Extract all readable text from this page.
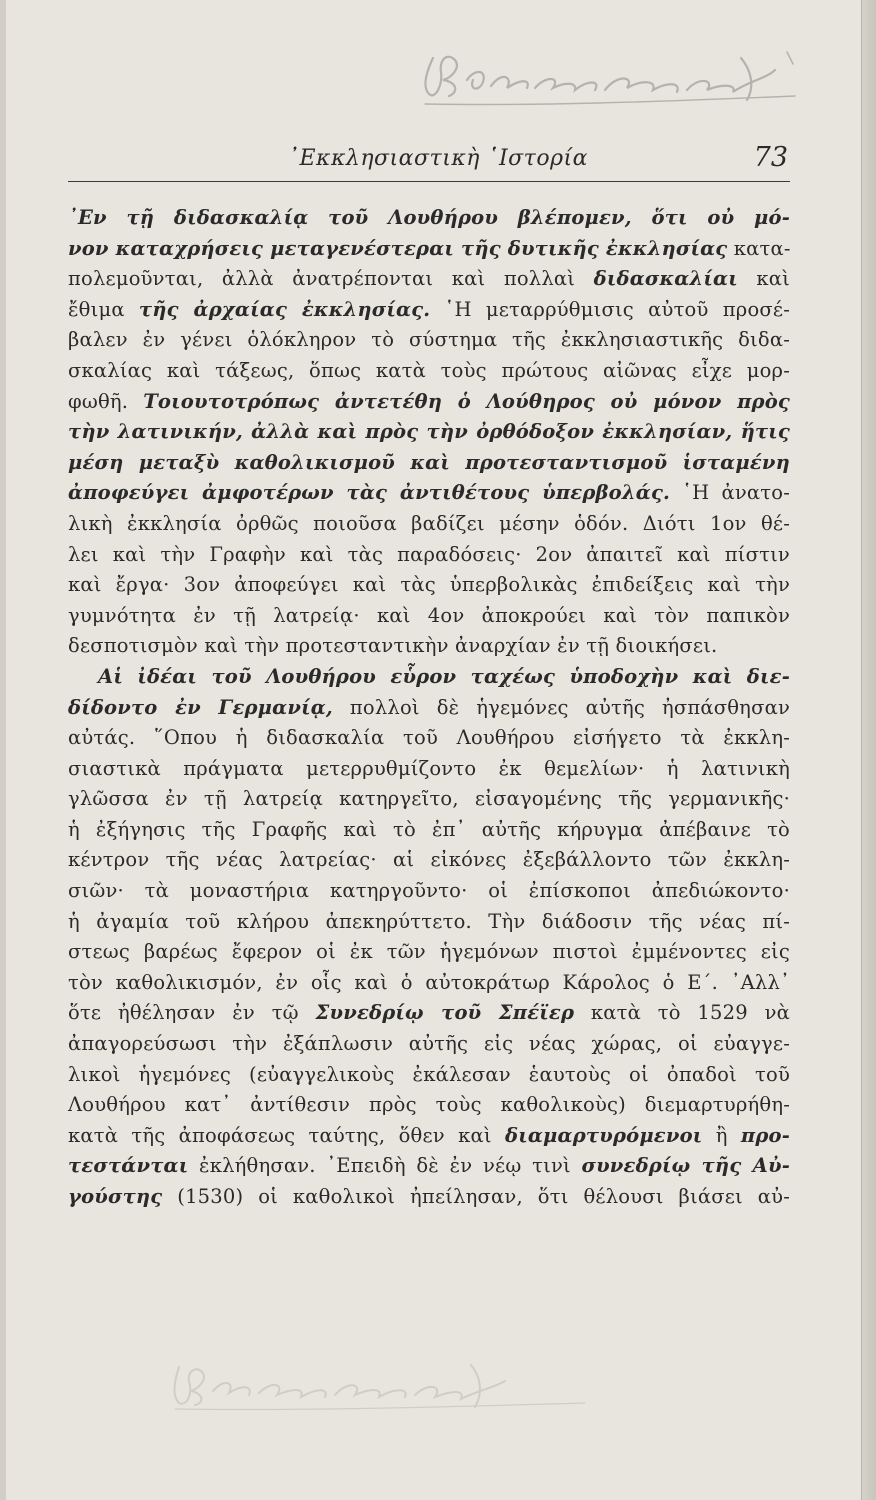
᾿Εκκλησιαστικὴ ῾Ιστορία	73
᾿Εν τῇ διδασκαλίᾳ τοῦ Λουθήρου βλέπομεν, ὅτι οὐ μό-
νον καταχρήσεις μεταγενέστεραι τῆς δυτικῆς ἐκκλησίας κατα-
πολεμοῦνται, ἀλλὰ ἀνατρέπονται καὶ πολλαὶ διδασκαλίαι καὶ
ἔθιμα τῆς ἀρχαίας ἐκκλησίας. ῾Η μεταρρύθμισις αὐτοῦ προσέ-
βαλεν ἐν γένει ὁλόκληρον τὸ σύστημα τῆς ἐκκλησιαστικῆς διδα-
σκαλίας καὶ τάξεως, ὅπως κατὰ τοὺς πρώτους αἰῶνας εἶχε μορ-
φωθῆ. Τοιουτοτρόπως ἀντετέθη ὁ Λούθηρος οὐ μόνον πρὸς
τὴν λατινικήν, ἀλλὰ καὶ πρὸς τὴν ὀρθόδοξον ἐκκλησίαν, ἥτις
μέση μεταξὺ καθολικισμοῦ καὶ προτεσταντισμοῦ ἱσταμένη
ἀποφεύγει ἀμφοτέρων τὰς ἀντιθέτους ὑπερβολάς. ῾Η ἀνατο-
λικὴ ἐκκλησία ὀρθῶς ποιοῦσα βαδίζει μέσην ὁδόν. Διότι 1ον θέ-
λει καὶ τὴν Γραφὴν καὶ τὰς παραδόσεις· 2ον ἀπαιτεῖ καὶ πίστιν
καὶ ἔργα· 3ον ἀποφεύγει καὶ τὰς ὑπερβολικὰς ἐπιδείξεις καὶ τὴν
γυμνότητα ἐν τῇ λατρείᾳ· καὶ 4ον ἀποκρούει καὶ τὸν παπικὸν
δεσποτισμὸν καὶ τὴν προτεσταντικὴν ἀναρχίαν ἐν τῇ διοικήσει.
Αἱ ἰδέαι τοῦ Λουθήρου εὗρον ταχέως ὑποδοχὴν καὶ διε-
δίδοντο ἐν Γερμανίᾳ, πολλοὶ δὲ ἡγεμόνες αὐτῆς ἠσπάσθησαν
αὐτάς. ῞Οπου ἡ διδασκαλία τοῦ Λουθήρου εἰσήγετο τὰ ἐκκλη-
σιαστικὰ πράγματα μετερρυθμίζοντο ἐκ θεμελίων· ἡ λατινικὴ
γλῶσσα ἐν τῇ λατρείᾳ κατηργεῖτο, εἰσαγομένης τῆς γερμανικῆς·
ἡ ἐξήγησις τῆς Γραφῆς καὶ τὸ ἐπ᾿ αὐτῆς κήρυγμα ἀπέβαινε τὸ
κέντρον τῆς νέας λατρείας· αἱ εἰκόνες ἐξεβάλλοντο τῶν ἐκκλη-
σιῶν· τὰ μοναστήρια κατηργοῦντο· οἱ ἐπίσκοποι ἀπεδιώκοντο·
ἡ ἀγαμία τοῦ κλήρου ἀπεκηρύττετο. Τὴν διάδοσιν τῆς νέας πί-
στεως βαρέως ἔφερον οἱ ἐκ τῶν ἡγεμόνων πιστοὶ ἐμμένοντες εἰς
τὸν καθολικισμόν, ἐν οἷς καὶ ὁ αὐτοκράτωρ Κάρολος ὁ Ε΄. ᾿Αλλ᾿
ὅτε ἠθέλησαν ἐν τῷ Συνεδρίῳ τοῦ Σπέϊερ κατὰ τὸ 1529 νὰ
ἀπαγορεύσωσι τὴν ἐξάπλωσιν αὐτῆς εἰς νέας χώρας, οἱ εὐαγγε-
λικοὶ ἡγεμόνες (εὐαγγελικοὺς ἐκάλεσαν ἑαυτοὺς οἱ ὀπαδοὶ τοῦ
Λουθήρου κατ᾿ ἀντίθεσιν πρὸς τοὺς καθολικοὺς) διεμαρτυρήθη-
κατὰ τῆς ἀποφάσεως ταύτης, ὅθεν καὶ διαμαρτυρόμενοι ἢ προ-
τεστάνται ἐκλήθησαν. ᾿Επειδὴ δὲ ἐν νέῳ τινὶ συνεδρίῳ τῆς Αὐ-
γούστης (1530) οἱ καθολικοὶ ἠπείλησαν, ὅτι θέλουσι βιάσει αὐ-
